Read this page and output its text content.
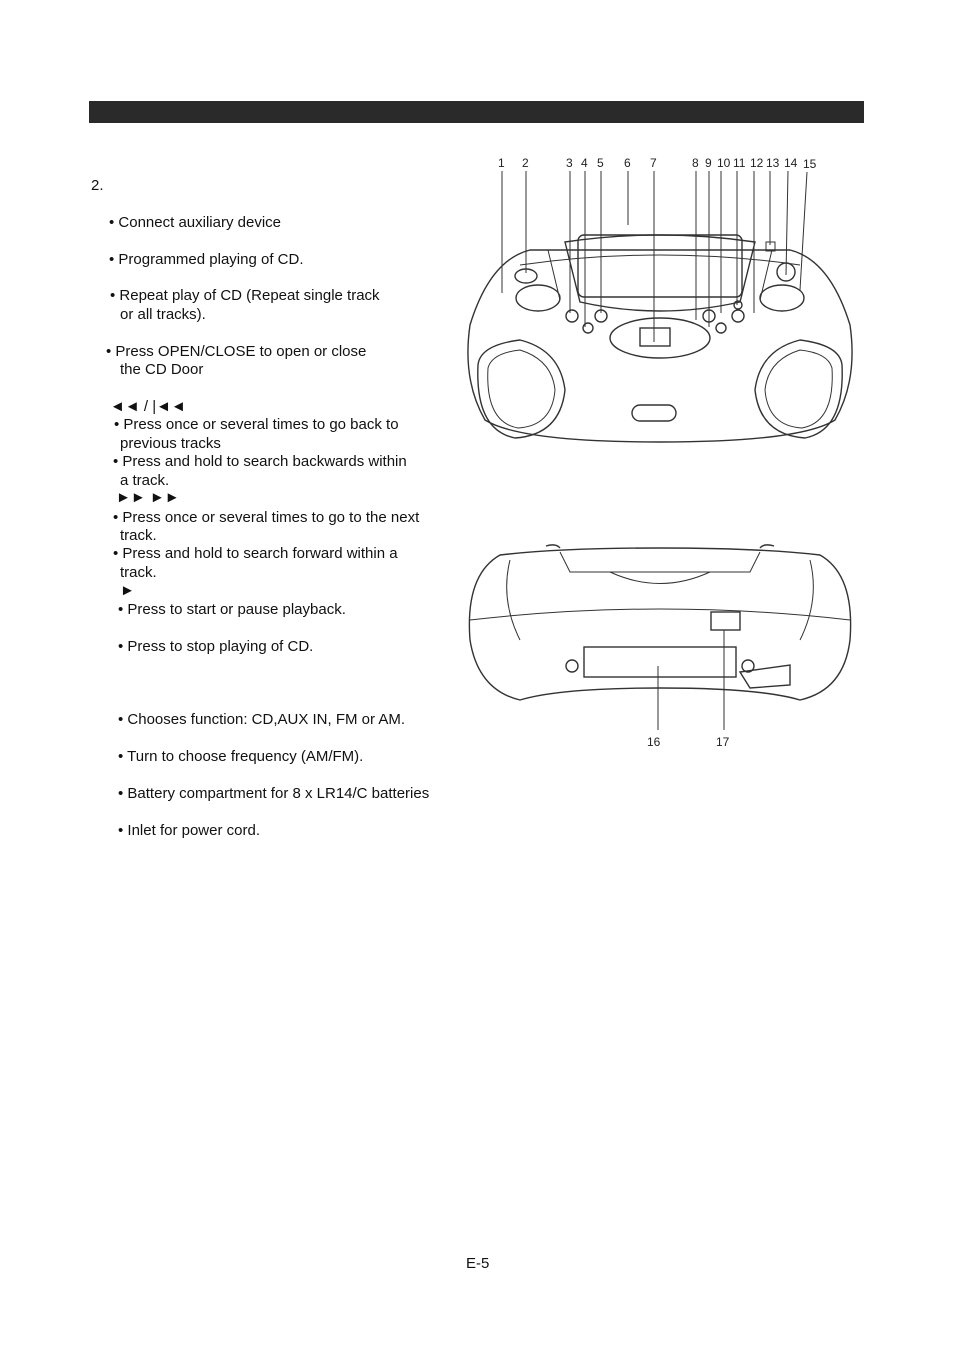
2.
• Connect auxiliary device
• Programmed playing of CD.
• Repeat play of CD (Repeat single track
or all tracks).
• Press OPEN/CLOSE to open or close
the CD Door
◄◄ / |◄◄
• Press once or several times to go back to
previous tracks
• Press and hold to search backwards within
a track.
►► ►►
• Press once or several times to go to the next
track.
• Press and hold to search forward within a
track.
►
• Press to start or pause playback.
• Press to stop playing of CD.
• Chooses function: CD,AUX IN, FM or AM.
• Turn to choose frequency (AM/FM).
• Battery compartment for 8 x LR14/C batteries
• Inlet for power cord.
1 2	3 4 5 6 7	8 9 10 11 12 13 14 15
16	17
E-5
